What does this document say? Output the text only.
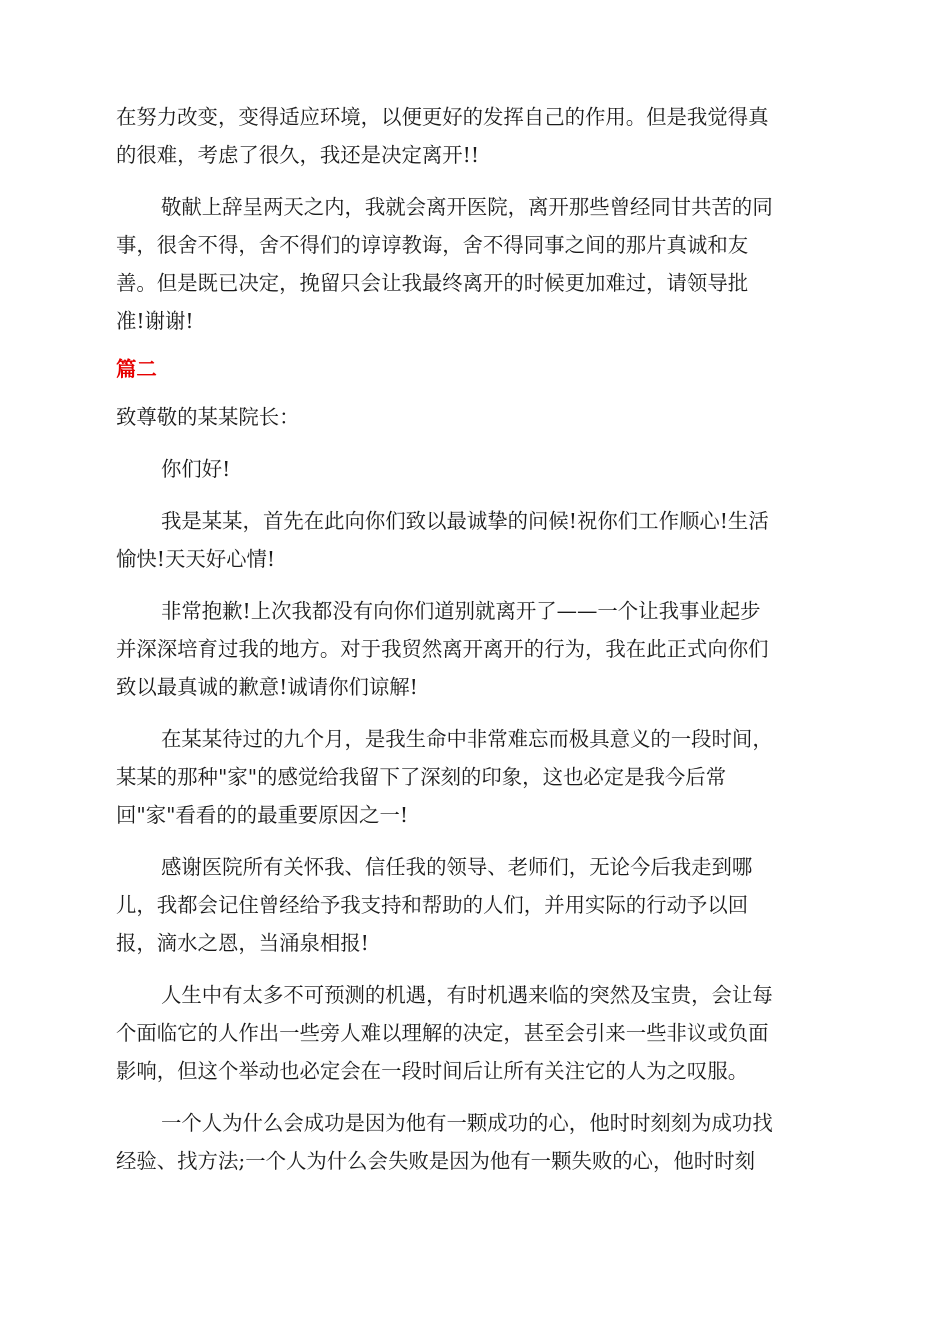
在努力改变，变得适应环境，以便更好的发挥自己的作用。但是我觉得真
的很难，考虑了很久，我还是决定离开!!

敬献上辞呈两天之内，我就会离开医院，离开那些曾经同甘共苦的同
事，很舍不得，舍不得们的谆谆教诲，舍不得同事之间的那片真诚和友
善。但是既已决定，挽留只会让我最终离开的时候更加难过，请领导批
准!谢谢!

篇二

致尊敬的某某院长：

你们好!

我是某某，首先在此向你们致以最诚挚的问候!祝你们工作顺心!生活
愉快!天天好心情!

非常抱歉!上次我都没有向你们道别就离开了——一个让我事业起步
并深深培育过我的地方。对于我贸然离开离开的行为，我在此正式向你们
致以最真诚的歉意!诚请你们谅解!

在某某待过的九个月，是我生命中非常难忘而极具意义的一段时间，
某某的那种"家"的感觉给我留下了深刻的印象，这也必定是我今后常
回"家"看看的的最重要原因之一!

感谢医院所有关怀我、信任我的领导、老师们，无论今后我走到哪
儿，我都会记住曾经给予我支持和帮助的人们，并用实际的行动予以回
报，滴水之恩，当涌泉相报!

人生中有太多不可预测的机遇，有时机遇来临的突然及宝贵，会让每
个面临它的人作出一些旁人难以理解的决定，甚至会引来一些非议或负面
影响，但这个举动也必定会在一段时间后让所有关注它的人为之叹服。

一个人为什么会成功是因为他有一颗成功的心，他时时刻刻为成功找
经验、找方法;一个人为什么会失败是因为他有一颗失败的心，他时时刻
